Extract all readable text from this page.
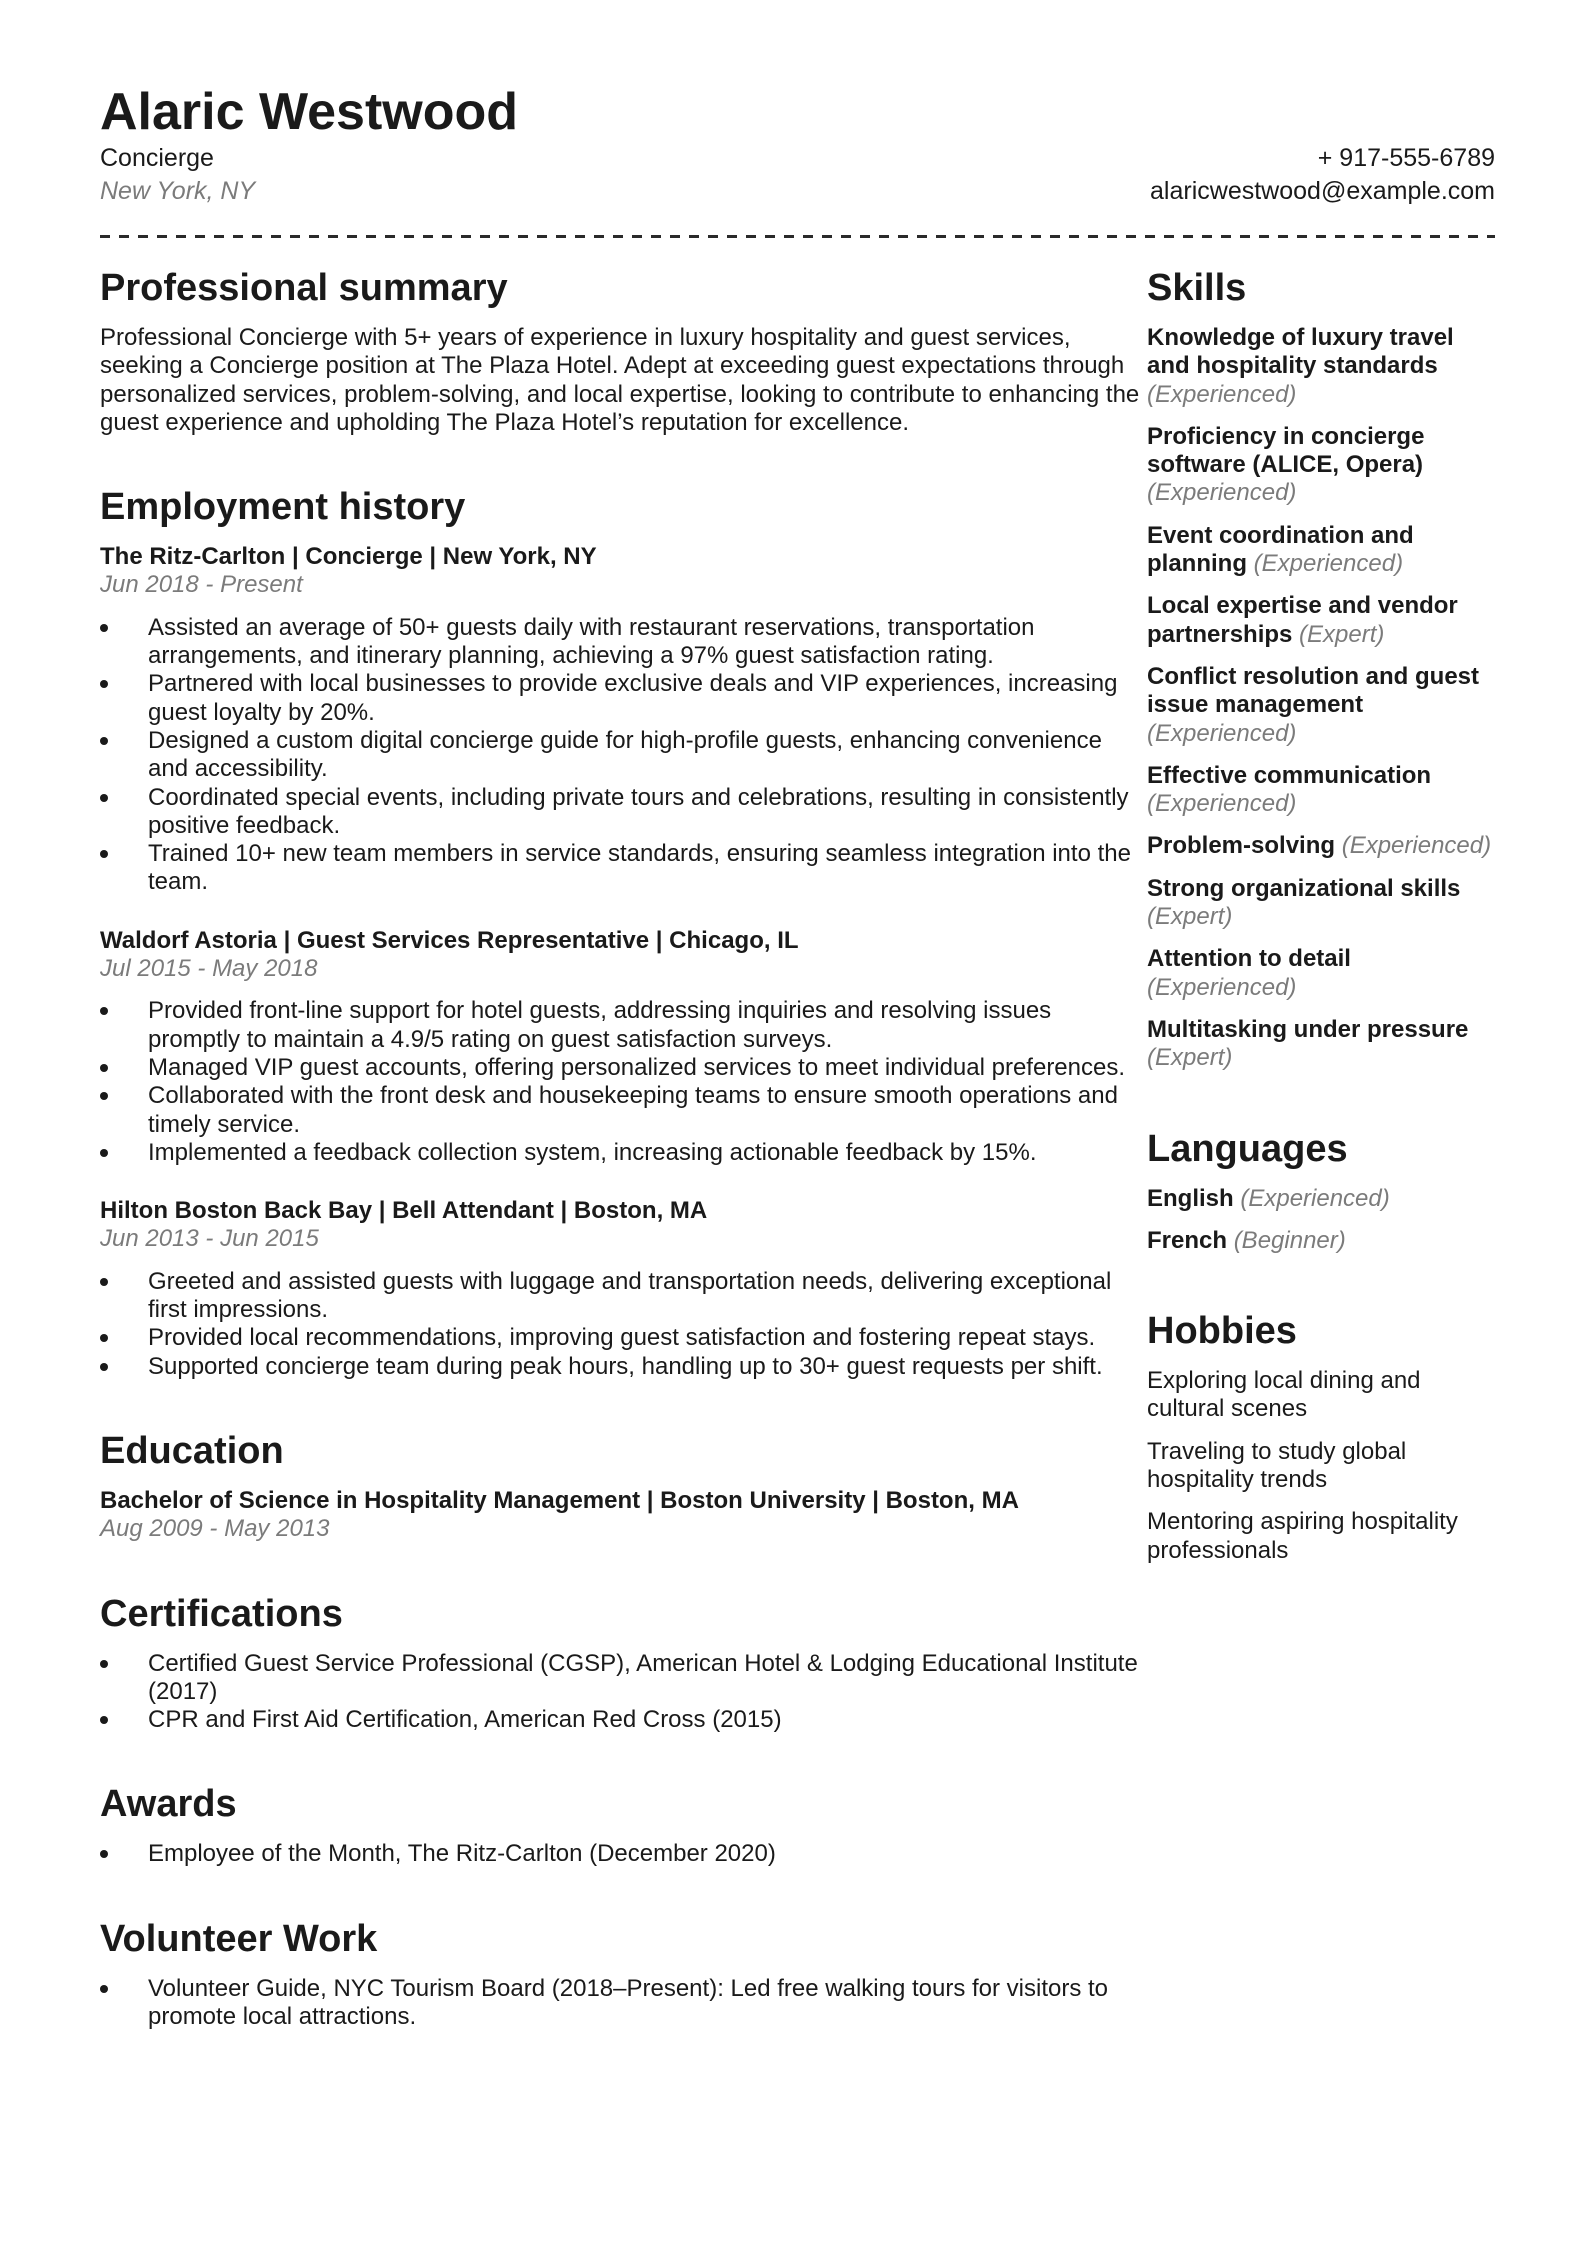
Alaric Westwood
Concierge
New York, NY
+ 917-555-6789
alaricwestwood@example.com
Professional summary

Professional Concierge with 5+ years of experience in luxury hospitality and guest services, seeking a Concierge position at The Plaza Hotel. Adept at exceeding guest expectations through personalized services, problem-solving, and local expertise, looking to contribute to enhancing the guest experience and upholding The Plaza Hotel’s reputation for excellence.

Employment history
The Ritz-Carlton | Concierge | New York, NY
Jun 2018 - Present
Assisted an average of 50+ guests daily with restaurant reservations, transportation arrangements, and itinerary planning, achieving a 97% guest satisfaction rating.
Partnered with local businesses to provide exclusive deals and VIP experiences, increasing guest loyalty by 20%.
Designed a custom digital concierge guide for high-profile guests, enhancing convenience and accessibility.
Coordinated special events, including private tours and celebrations, resulting in consistently positive feedback.
Trained 10+ new team members in service standards, ensuring seamless integration into the team.
Waldorf Astoria | Guest Services Representative | Chicago, IL
Jul 2015 - May 2018
Provided front-line support for hotel guests, addressing inquiries and resolving issues promptly to maintain a 4.9/5 rating on guest satisfaction surveys.
Managed VIP guest accounts, offering personalized services to meet individual preferences.
Collaborated with the front desk and housekeeping teams to ensure smooth operations and timely service.
Implemented a feedback collection system, increasing actionable feedback by 15%.
Hilton Boston Back Bay | Bell Attendant | Boston, MA
Jun 2013 - Jun 2015
Greeted and assisted guests with luggage and transportation needs, delivering exceptional first impressions.
Provided local recommendations, improving guest satisfaction and fostering repeat stays.
Supported concierge team during peak hours, handling up to 30+ guest requests per shift.
Education
Bachelor of Science in Hospitality Management | Boston University | Boston, MA
Aug 2009 - May 2013
Certifications
Certified Guest Service Professional (CGSP), American Hotel & Lodging Educational Institute (2017)
CPR and First Aid Certification, American Red Cross (2015)
Awards
Employee of the Month, The Ritz-Carlton (December 2020)
Volunteer Work
Volunteer Guide, NYC Tourism Board (2018–Present): Led free walking tours for visitors to promote local attractions.
Skills

Knowledge of luxury travel and hospitality standards (Experienced)

Proficiency in concierge software (ALICE, Opera) (Experienced)

Event coordination and planning (Experienced)

Local expertise and vendor partnerships (Expert)

Conflict resolution and guest issue management (Experienced)

Effective communication (Experienced)

Problem-solving (Experienced)

Strong organizational skills (Expert)

Attention to detail (Experienced)

Multitasking under pressure (Expert)

Languages

English (Experienced)

French (Beginner)

Hobbies

Exploring local dining and cultural scenes

Traveling to study global hospitality trends

Mentoring aspiring hospitality professionals
